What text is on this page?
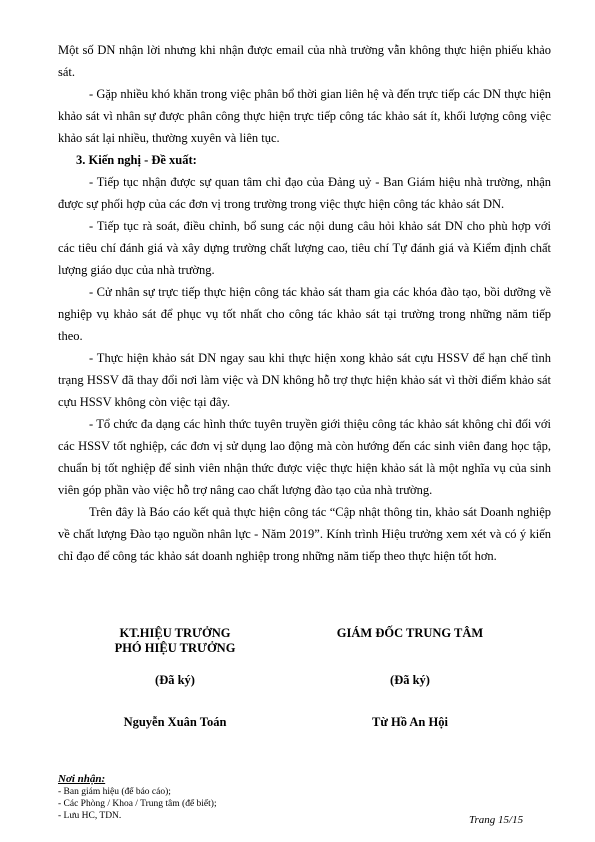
Một số DN nhận lời nhưng khi nhận được email của nhà trường vẫn không thực hiện phiếu khảo sát.

- Gặp nhiều khó khăn trong việc phân bổ thời gian liên hệ và đến trực tiếp các DN thực hiện khảo sát vì nhân sự được phân công thực hiện trực tiếp công tác khảo sát ít, khối lượng công việc khảo sát lại nhiều, thường xuyên và liên tục.

3. Kiến nghị - Đề xuất:

- Tiếp tục nhận được sự quan tâm chỉ đạo của Đảng uỷ - Ban Giám hiệu nhà trường, nhận được sự phối hợp của các đơn vị trong trường trong việc thực hiện công tác khảo sát DN.

- Tiếp tục rà soát, điều chỉnh, bổ sung các nội dung câu hỏi khảo sát DN cho phù hợp với các tiêu chí đánh giá và xây dựng trường chất lượng cao, tiêu chí Tự đánh giá và Kiểm định chất lượng giáo dục của nhà trường.

- Cử nhân sự trực tiếp thực hiện công tác khảo sát tham gia các khóa đào tạo, bồi dưỡng về nghiệp vụ khảo sát để phục vụ tốt nhất cho công tác khảo sát tại trường trong những năm tiếp theo.

- Thực hiện khảo sát DN ngay sau khi thực hiện xong khảo sát cựu HSSV để hạn chế tình trạng HSSV đã thay đổi nơi làm việc và DN không hỗ trợ thực hiện khảo sát vì thời điểm khảo sát cựu HSSV không còn việc tại đây.

- Tổ chức đa dạng các hình thức tuyên truyền giới thiệu công tác khảo sát không chỉ đối với các HSSV tốt nghiệp, các đơn vị sử dụng lao động mà còn hướng đến các sinh viên đang học tập, chuẩn bị tốt nghiệp để sinh viên nhận thức được việc thực hiện khảo sát là một nghĩa vụ của sinh viên góp phần vào việc hỗ trợ nâng cao chất lượng đào tạo của nhà trường.

Trên đây là Báo cáo kết quả thực hiện công tác “Cập nhật thông tin, khảo sát Doanh nghiệp về chất lượng Đào tạo nguồn nhân lực - Năm 2019”. Kính trình Hiệu trưởng xem xét và có ý kiến chỉ đạo để công tác khảo sát doanh nghiệp trong những năm tiếp theo thực hiện tốt hơn.

KT.HIỆU TRƯỞNG
PHÓ HIỆU TRƯỞNG
(Đã ký)
Nguyễn Xuân Toán
GIÁM ĐỐC TRUNG TÂM
(Đã ký)
Từ Hồ An Hội
Nơi nhận:
- Ban giám hiệu (để báo cáo);
- Các Phòng / Khoa / Trung tâm (để biết);
- Lưu HC, TDN.	Trang 15/15
